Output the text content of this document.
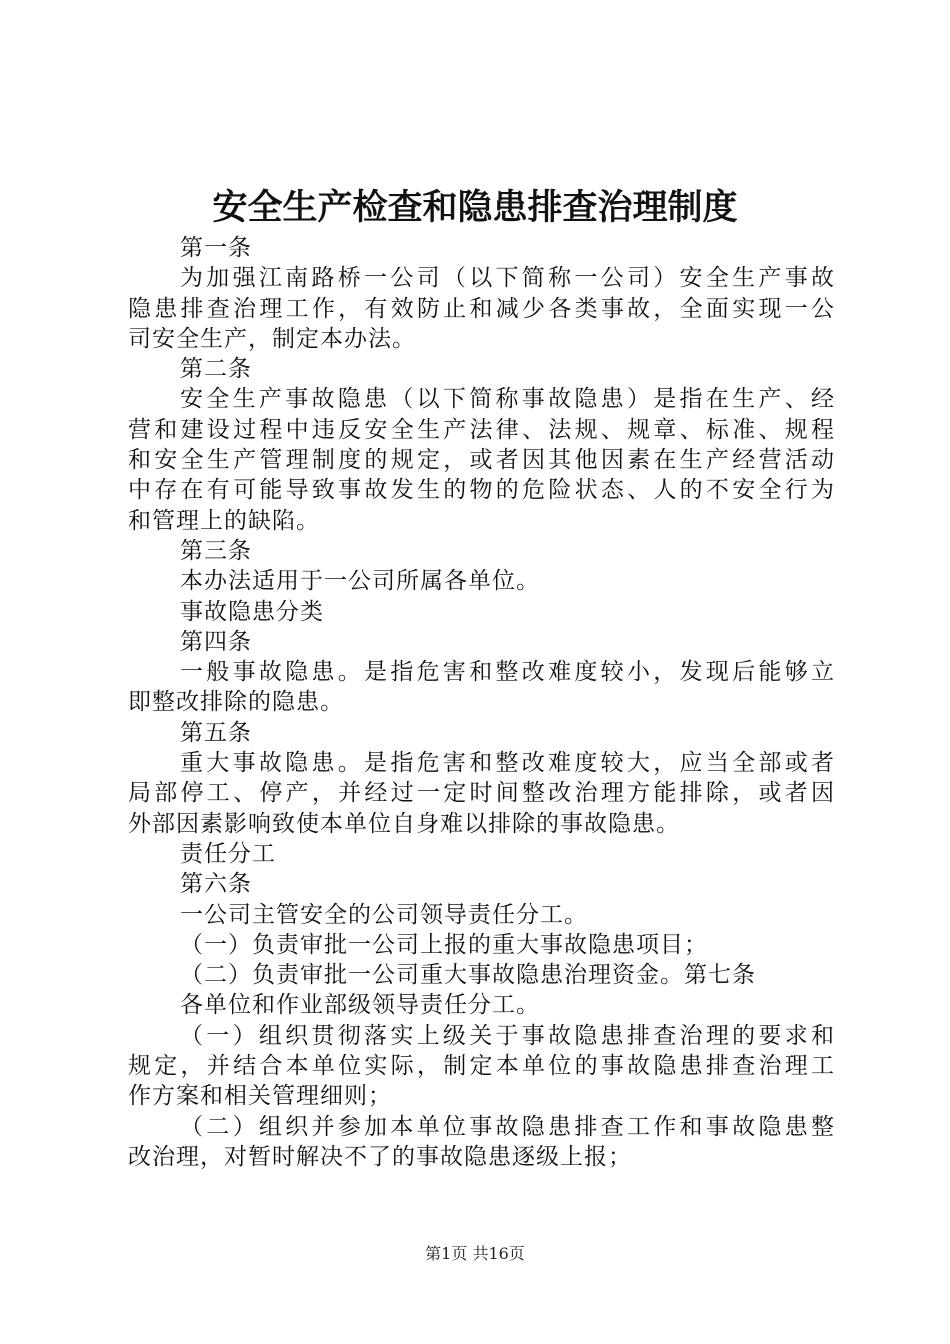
安全生产检查和隐患排查治理制度
第一条
为加强江南路桥一公司（以下简称一公司）安全生产事故
隐患排查治理工作，有效防止和减少各类事故，全面实现一公
司安全生产，制定本办法。
第二条
安全生产事故隐患（以下简称事故隐患）是指在生产、经
营和建设过程中违反安全生产法律、法规、规章、标准、规程
和安全生产管理制度的规定，或者因其他因素在生产经营活动
中存在有可能导致事故发生的物的危险状态、人的不安全行为
和管理上的缺陷。
第三条
本办法适用于一公司所属各单位。
事故隐患分类
第四条
一般事故隐患。是指危害和整改难度较小，发现后能够立
即整改排除的隐患。
第五条
重大事故隐患。是指危害和整改难度较大，应当全部或者
局部停工、停产，并经过一定时间整改治理方能排除，或者因
外部因素影响致使本单位自身难以排除的事故隐患。
责任分工
第六条
一公司主管安全的公司领导责任分工。
（一）负责审批一公司上报的重大事故隐患项目；
（二）负责审批一公司重大事故隐患治理资金。第七条
各单位和作业部级领导责任分工。
（一）组织贯彻落实上级关于事故隐患排查治理的要求和
规定，并结合本单位实际，制定本单位的事故隐患排查治理工
作方案和相关管理细则；
（二）组织并参加本单位事故隐患排查工作和事故隐患整
改治理，对暂时解决不了的事故隐患逐级上报；
第1页 共16页
